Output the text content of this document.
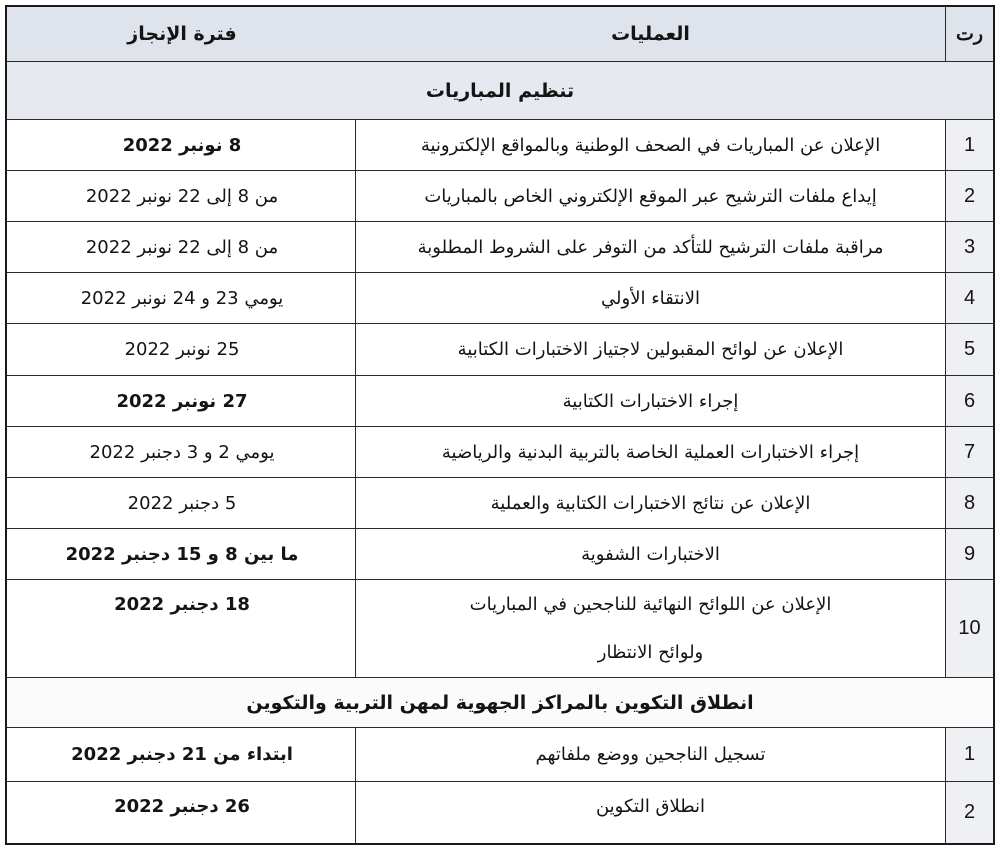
رت
العمليات
فترة الإنجاز
تنظيم المباريات
1
الإعلان عن المباريات في الصحف الوطنية وبالمواقع الإلكترونية
8 نونبر 2022
2
إيداع ملفات الترشيح عبر الموقع الإلكتروني الخاص بالمباريات
من 8 إلى 22 نونبر 2022
3
مراقبة ملفات الترشيح للتأكد من التوفر على الشروط المطلوبة
من 8 إلى 22 نونبر 2022
4
الانتقاء الأولي
يومي 23 و 24 نونبر 2022
5
الإعلان عن لوائح المقبولين لاجتياز الاختبارات الكتابية
25 نونبر 2022
6
إجراء الاختبارات الكتابية
27 نونبر 2022
7
إجراء الاختبارات العملية الخاصة بالتربية البدنية والرياضية
يومي 2 و 3 دجنبر 2022
8
الإعلان عن نتائج الاختبارات الكتابية والعملية
5 دجنبر 2022
9
الاختبارات الشفوية
ما بين 8 و 15 دجنبر 2022
10
الإعلان عن اللوائح النهائية للناجحين في المباريات
ولوائح الانتظار
18 دجنبر 2022
انطلاق التكوين بالمراكز الجهوية لمهن التربية والتكوين
1
تسجيل الناجحين ووضع ملفاتهم
ابتداء من 21 دجنبر 2022
2
انطلاق التكوين
26 دجنبر 2022
